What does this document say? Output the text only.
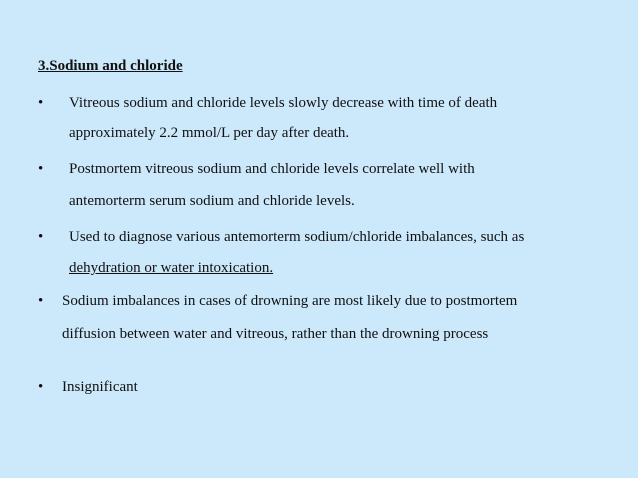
3.Sodium and chloride
• Vitreous sodium and chloride levels slowly decrease with time of death
approximately 2.2 mmol/L per day after death.
• Postmortem vitreous sodium and chloride levels correlate well with
antemorterm serum sodium and chloride levels.
• Used to diagnose various antemorterm sodium/chloride imbalances, such as
dehydration or water intoxication.
• Sodium imbalances in cases of drowning are most likely due to postmortem
diffusion between water and vitreous, rather than the drowning process
• Insignificant
